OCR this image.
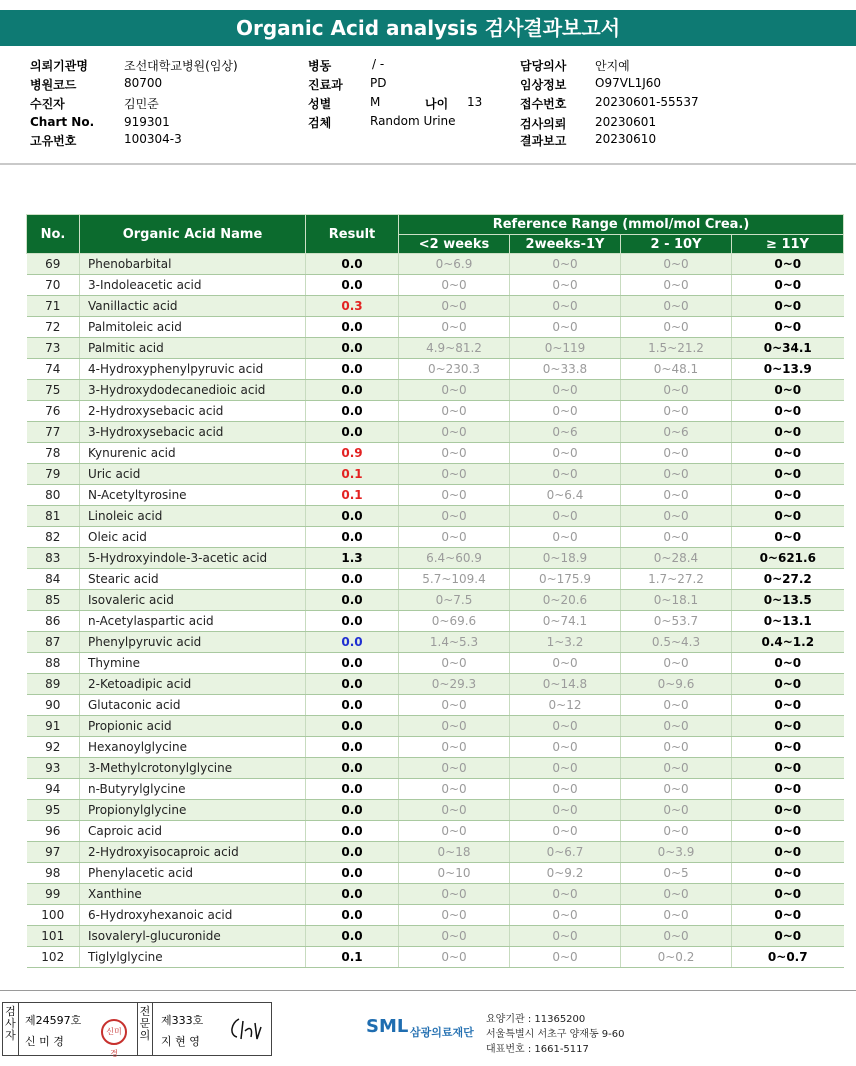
Organic Acid analysis 검사결과보고서
의뢰기관명	조선대학교병원(임상)
병원코드	80700
수진자	김민준
Chart No. 919301
고유번호	100304-3
병동	/ -
진료과 PD
성별	M	나이 13
검체	Random Urine
담당의사 안지예
임상정보 O97VL1J60
접수번호 20230601-55537
검사의뢰 20230601
결과보고 20230610
No.	Organic Acid Name	Result	Reference Range (mmol/mol Crea.)			
			<2 weeks	2weeks-1Y	2 - 10Y	≥ 11Y
69	Phenobarbital	0.0	0~6.9	0~0	0~0	0~0
70	3-Indoleacetic acid	0.0	0~0	0~0	0~0	0~0
71	Vanillactic acid	0.3	0~0	0~0	0~0	0~0
72	Palmitoleic acid	0.0	0~0	0~0	0~0	0~0
73	Palmitic acid	0.0	4.9~81.2	0~119	1.5~21.2	0~34.1
74	4-Hydroxyphenylpyruvic acid	0.0	0~230.3	0~33.8	0~48.1	0~13.9
75	3-Hydroxydodecanedioic acid	0.0	0~0	0~0	0~0	0~0
76	2-Hydroxysebacic acid	0.0	0~0	0~0	0~0	0~0
77	3-Hydroxysebacic acid	0.0	0~0	0~6	0~6	0~0
78	Kynurenic acid	0.9	0~0	0~0	0~0	0~0
79	Uric acid	0.1	0~0	0~0	0~0	0~0
80	N-Acetyltyrosine	0.1	0~0	0~6.4	0~0	0~0
81	Linoleic acid	0.0	0~0	0~0	0~0	0~0
82	Oleic acid	0.0	0~0	0~0	0~0	0~0
83	5-Hydroxyindole-3-acetic acid	1.3	6.4~60.9	0~18.9	0~28.4	0~621.6
84	Stearic acid	0.0	5.7~109.4	0~175.9	1.7~27.2	0~27.2
85	Isovaleric acid	0.0	0~7.5	0~20.6	0~18.1	0~13.5
86	n-Acetylaspartic acid	0.0	0~69.6	0~74.1	0~53.7	0~13.1
87	Phenylpyruvic acid	0.0	1.4~5.3	1~3.2	0.5~4.3	0.4~1.2
88	Thymine	0.0	0~0	0~0	0~0	0~0
89	2-Ketoadipic acid	0.0	0~29.3	0~14.8	0~9.6	0~0
90	Glutaconic acid	0.0	0~0	0~12	0~0	0~0
91	Propionic acid	0.0	0~0	0~0	0~0	0~0
92	Hexanoylglycine	0.0	0~0	0~0	0~0	0~0
93	3-Methylcrotonylglycine	0.0	0~0	0~0	0~0	0~0
94	n-Butyrylglycine	0.0	0~0	0~0	0~0	0~0
95	Propionylglycine	0.0	0~0	0~0	0~0	0~0
96	Caproic acid	0.0	0~0	0~0	0~0	0~0
97	2-Hydroxyisocaproic acid	0.0	0~18	0~6.7	0~3.9	0~0
98	Phenylacetic acid	0.0	0~10	0~9.2	0~5	0~0
99	Xanthine	0.0	0~0	0~0	0~0	0~0
100	6-Hydroxyhexanoic acid	0.0	0~0	0~0	0~0	0~0
101	Isovaleryl-glucuronide	0.0	0~0	0~0	0~0	0~0
102	Tiglylglycine	0.1	0~0	0~0	0~0.2	0~0.7
검사자
제24597호
신 미 경
신미경
전문의
제333호
지 현 영
SML 삼광의료재단
요양기관 : 11365200
서울특별시 서초구 양재동 9-60
대표번호 : 1661-5117
